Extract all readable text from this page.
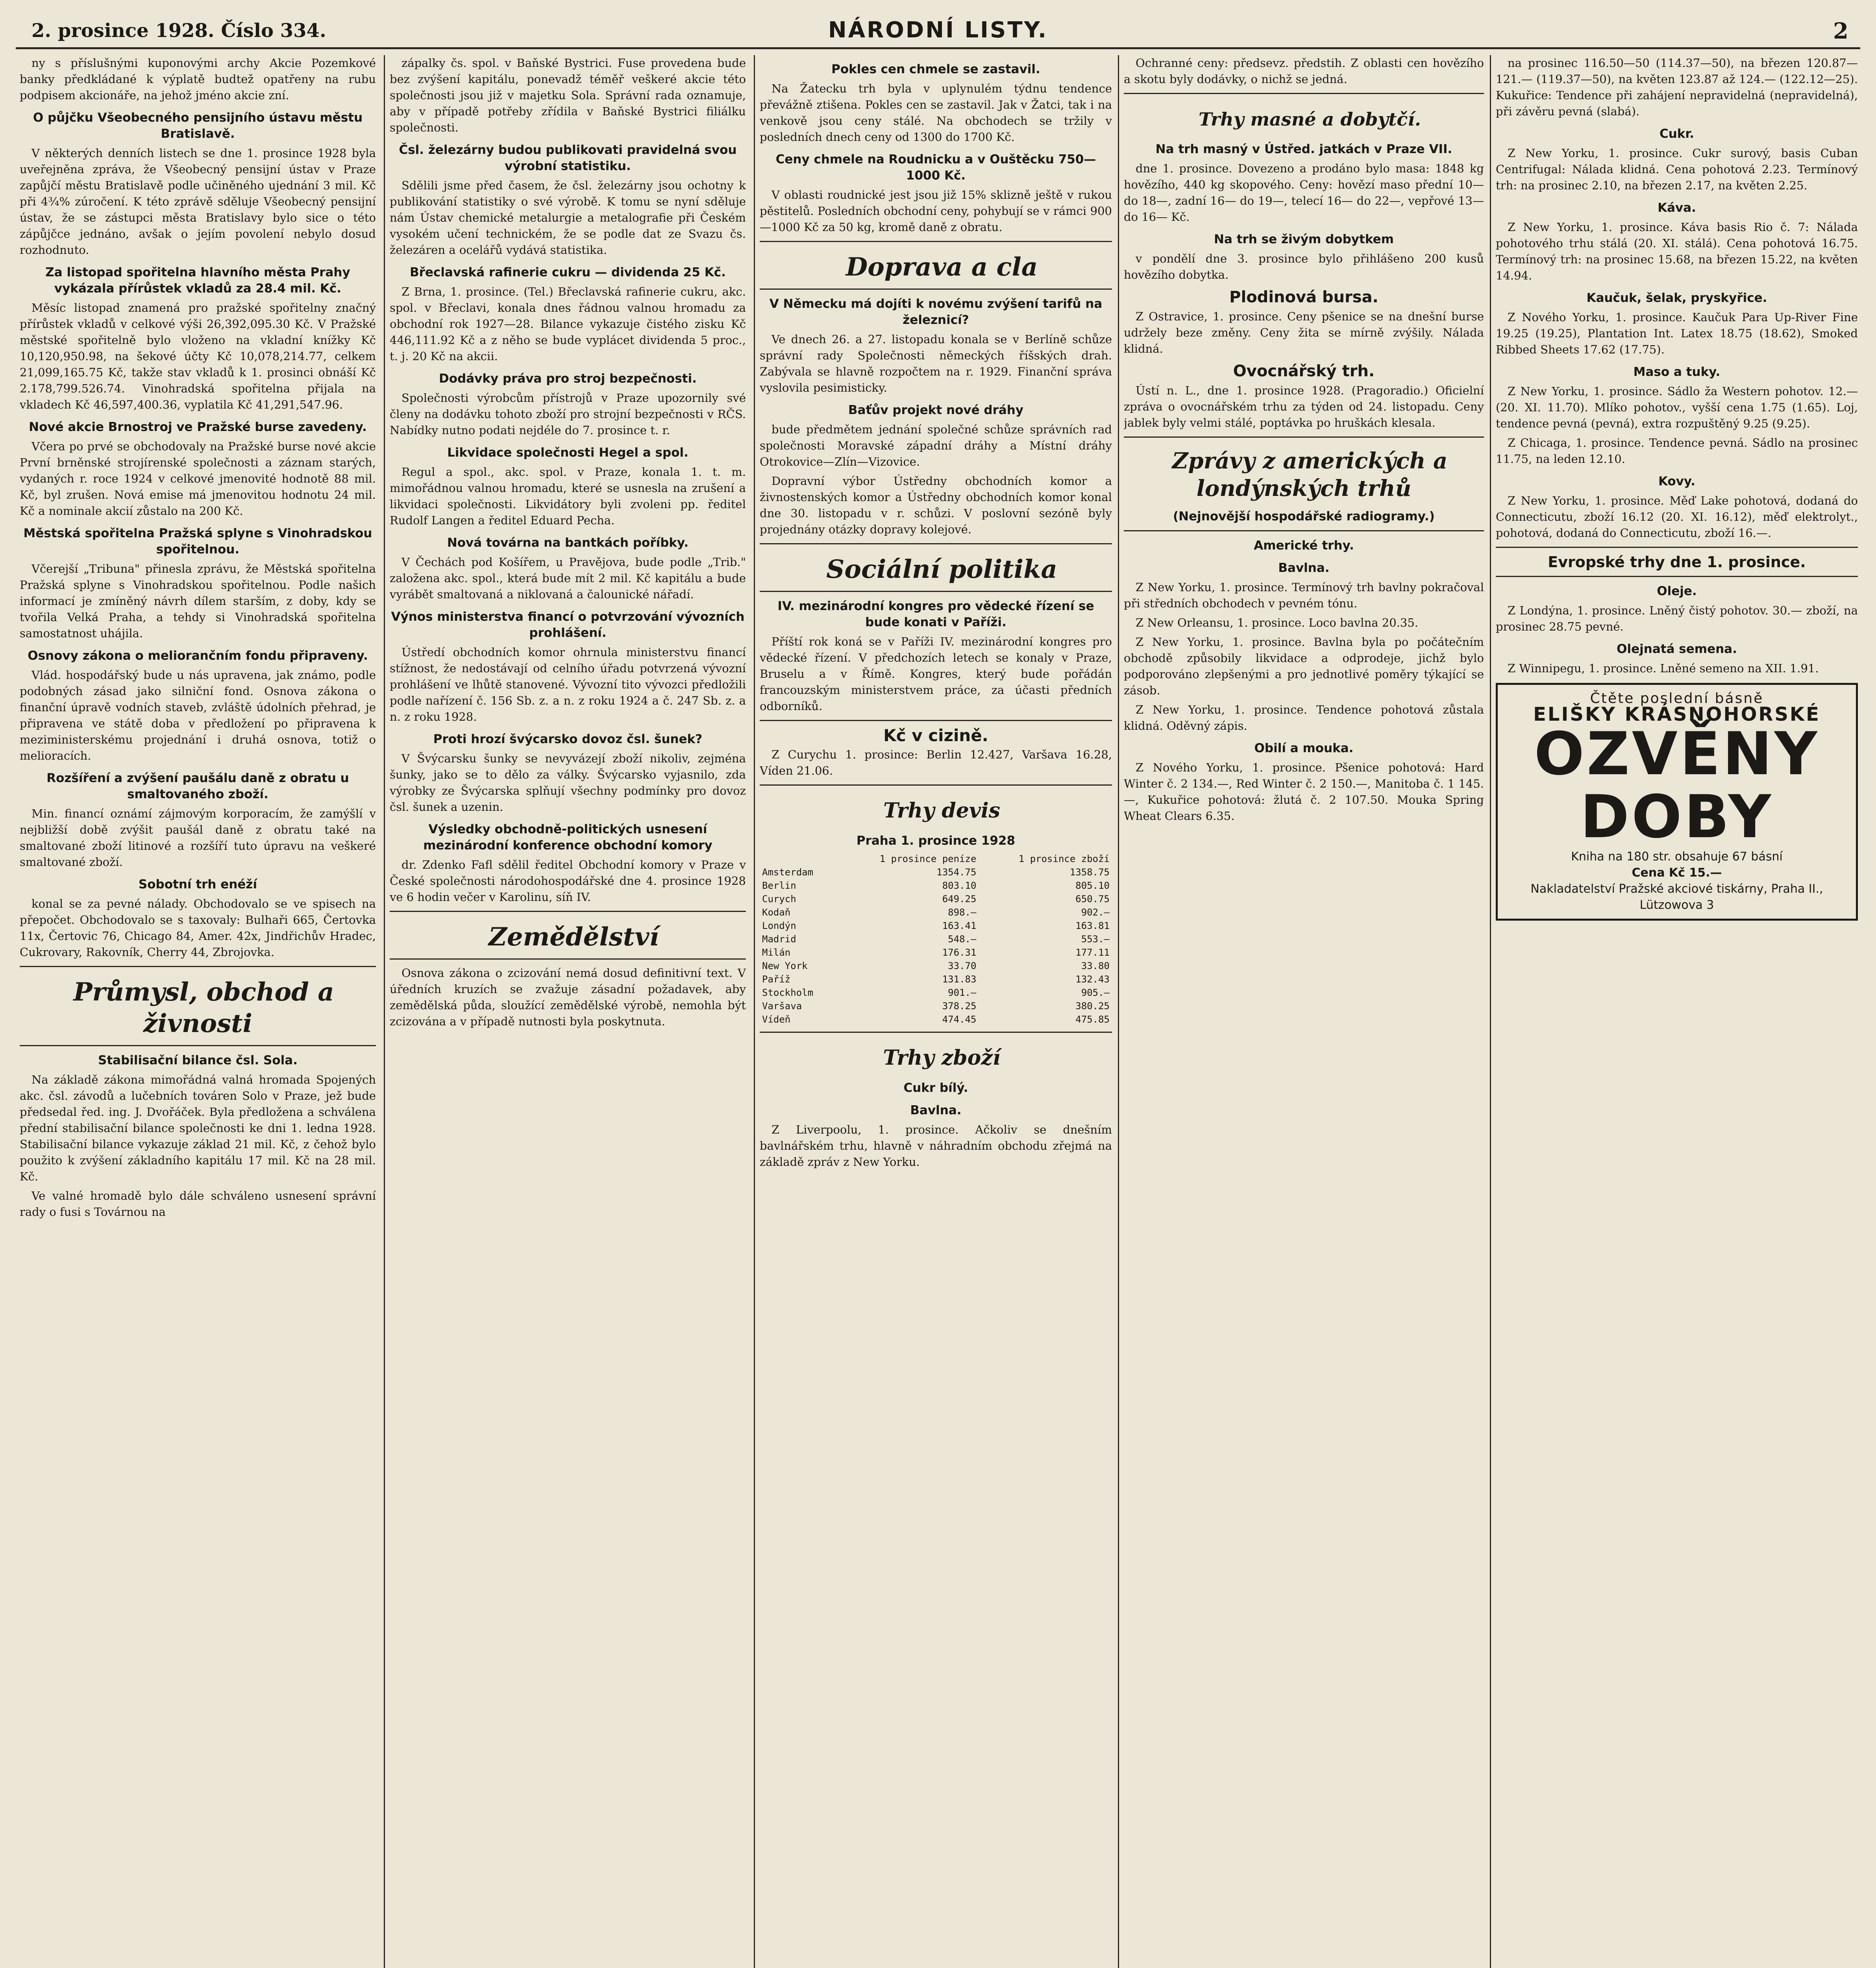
2. prosince 1928. Číslo 334.	NÁRODNÍ LISTY.	2

ny s příslušnými kuponovými archy Akcie Pozemkové banky předkládané k výplatě budtež opatřeny na rubu podpisem akcionáře, na jehož jméno akcie zní.

O půjčku Všeobecného pensijního ústavu městu Bratislavě.

V některých denních listech se dne 1. prosince 1928 byla uveřejněna zpráva, že Všeobecný pensijní ústav v Praze zapůjčí městu Bratislavě podle učiněného ujednání 3 mil. Kč při 4¾% zúročení. K této zprávě sděluje Všeobecný pensijní ústav, že se zástupci města Bratislavy bylo sice o této zápůjčce jednáno, avšak o jejím povolení nebylo dosud rozhodnuto.

Za listopad spořitelna hlavního města Prahy vykázala přírůstek vkladů za 28.4 mil. Kč.

Měsíc listopad znamená pro pražské spořitelny značný přírůstek vkladů v celkové výši 26,392,095.30 Kč. V Pražské městské spořitelně bylo vloženo na vkladní knížky Kč 10,120,950.98, na šekové účty Kč 10,078,214.77, celkem 21,099,165.75 Kč, takže stav vkladů k 1. prosinci obnáší Kč 2.178,799.526.74. Vinohradská spořitelna přijala na vkladech Kč 46,597,400.36, vyplatila Kč 41,291,547.96.

Nové akcie Brnostroj ve Pražské burse zavedeny.

Včera po prvé se obchodovaly na Pražské burse nové akcie První brněnské strojírenské společnosti a záznam starých, vydaných r. roce 1924 v celkové jmenovité hodnotě 88 mil. Kč, byl zrušen. Nová emise má jmenovitou hodnotu 24 mil. Kč a nominale akcií zůstalo na 200 Kč.

Městská spořitelna Pražská splyne s Vinohradskou spořitelnou.

Včerejší „Tribuna" přinesla zprávu, že Městská spořitelna Pražská splyne s Vinohradskou spořitelnou. Podle našich informací je zmíněný návrh dílem starším, z doby, kdy se tvořila Velká Praha, a tehdy si Vinohradská spořitelna samostatnost uhájila.

Osnovy zákona o meliorančním fondu připraveny.

Vlád. hospodářský bude u nás upravena, jak známo, podle podobných zásad jako silniční fond. Osnova zákona o finanční úpravě vodních staveb, zvláště údolních přehrad, je připravena ve státě doba v předložení po připravena k meziministerskému projednání i druhá osnova, totiž o melioracích.

Rozšíření a zvýšení paušálu daně z obratu u smaltovaného zboží.

Min. financí oznámí zájmovým korporacím, že zamýšlí v nejbližší době zvýšit paušál daně z obratu také na smaltované zboží litinové a rozšíří tuto úpravu na veškeré smaltované zboží.

Sobotní trh enéží

konal se za pevné nálady. Obchodovalo se ve spisech na přepočet. Obchodovalo se s taxovaly: Bulhaři 665, Čertovka 11x, Čertovic 76, Chicago 84, Amer. 42x, Jindřichův Hradec, Cukrovary, Rakovník, Cherry 44, Zbrojovka.

Průmysl, obchod a živnosti

Stabilisační bilance čsl. Sola.

Na základě zákona mimořádná valná hromada Spojených akc. čsl. závodů a lučebních továren Solo v Praze, jež bude předsedal řed. ing. J. Dvořáček. Byla předložena a schválena přední stabilisační bilance společnosti ke dni 1. ledna 1928. Stabilisační bilance vykazuje základ 21 mil. Kč, z čehož bylo použito k zvýšení základního kapitálu 17 mil. Kč na 28 mil. Kč.

Ve valné hromadě bylo dále schváleno usnesení správní rady o fusi s Továrnou na

zápalky čs. spol. v Baňské Bystrici. Fuse provedena bude bez zvýšení kapitálu, ponevadž téměř veškeré akcie této společnosti jsou již v majetku Sola. Správní rada oznamuje, aby v případě potřeby zřídila v Baňské Bystrici filiálku společnosti.

Čsl. železárny budou publikovati pravidelná svou výrobní statistiku.

Sdělili jsme před časem, že čsl. železárny jsou ochotny k publikování statistiky o své výrobě. K tomu se nyní sděluje nám Ústav chemické metalurgie a metalografie při Českém vysokém učení technickém, že se podle dat ze Svazu čs. železáren a ocelářů vydává statistika.

Břeclavská rafinerie cukru — dividenda 25 Kč.

Z Brna, 1. prosince. (Tel.) Břeclavská rafinerie cukru, akc. spol. v Břeclavi, konala dnes řádnou valnou hromadu za obchodní rok 1927—28. Bilance vykazuje čistého zisku Kč 446,111.92 Kč a z něho se bude vyplácet dividenda 5 proc., t. j. 20 Kč na akcii.

Dodávky práva pro stroj bezpečnosti.

Společnosti výrobcům přístrojů v Praze upozornily své členy na dodávku tohoto zboží pro strojní bezpečnosti v RČS. Nabídky nutno podati nejdéle do 7. prosince t. r.

Likvidace společnosti Hegel a spol.

Regul a spol., akc. spol. v Praze, konala 1. t. m. mimořádnou valnou hromadu, které se usnesla na zrušení a likvidaci společnosti. Likvidátory byli zvoleni pp. ředitel Rudolf Langen a ředitel Eduard Pecha.

Nová továrna na bantkách poříbky.

V Čechách pod Košířem, u Pravějova, bude podle „Trib." založena akc. spol., která bude mít 2 mil. Kč kapitálu a bude vyrábět smaltovaná a niklovaná a čalounické nářadí.

Výnos ministerstva financí o potvrzování vývozních prohlášení.

Ústředí obchodních komor ohrnula ministerstvu financí stížnost, že nedostávají od celního úřadu potvrzená vývozní prohlášení ve lhůtě stanovené. Vývozní tito vývozci předložili podle nařízení č. 156 Sb. z. a n. z roku 1924 a č. 247 Sb. z. a n. z roku 1928.

Proti hrozí švýcarsko dovoz čsl. šunek?

V Švýcarsku šunky se nevyvázejí zboží nikoliv, zejména šunky, jako se to dělo za války. Švýcarsko vyjasnilo, zda výrobky ze Švýcarska splňují všechny podmínky pro dovoz čsl. šunek a uzenin.

Výsledky obchodně-politických usnesení mezinárodní konference obchodní komory

dr. Zdenko Fafl sdělil ředitel Obchodní komory v Praze v České společnosti národohospodářské dne 4. prosince 1928 ve 6 hodin večer v Karolinu, síň IV.

Zemědělství

Osnova zákona o zcizování nemá dosud definitivní text. V úředních kruzích se zvažuje zásadní požadavek, aby zemědělská půda, sloužící zemědělské výrobě, nemohla být zcizována a v případě nutnosti byla poskytnuta.

Pokles cen chmele se zastavil.

Na Žatecku trh byla v uplynulém týdnu tendence převážně ztišena. Pokles cen se zastavil. Jak v Žatci, tak i na venkově jsou ceny stálé. Na obchodech se tržily v posledních dnech ceny od 1300 do 1700 Kč.

Ceny chmele na Roudnicku a v Ouštěcku 750—1000 Kč.

V oblasti roudnické jest jsou již 15% sklizně ještě v rukou pěstitelů. Posledních obchodní ceny, pohybují se v rámci 900—1000 Kč za 50 kg, kromě daně z obratu.

Doprava a cla

V Německu má dojíti k novému zvýšení tarifů na železnicí?

Ve dnech 26. a 27. listopadu konala se v Berlíně schůze správní rady Společnosti německých říšských drah. Zabývala se hlavně rozpočtem na r. 1929. Finanční správa vyslovila pesimisticky.

Baťův projekt nové dráhy

bude předmětem jednání společné schůze správních rad společnosti Moravské západní dráhy a Místní dráhy Otrokovice—Zlín—Vizovice.

Dopravní výbor Ústředny obchodních komor a živnostenských komor a Ústředny obchodních komor konal dne 30. listopadu v r. schůzi. V poslovní sezóně byly projednány otázky dopravy kolejové.

Sociální politika

IV. mezinárodní kongres pro vědecké řízení se bude konati v Paříži.

Příští rok koná se v Paříži IV. mezinárodní kongres pro vědecké řízení. V předchozích letech se konaly v Praze, Bruselu a v Římě. Kongres, který bude pořádán francouzským ministerstvem práce, za účasti předních odborníků.

Kč v cizině.

Z Curychu 1. prosince: Berlin 12.427, Varšava 16.28, Víden 21.06.

Trhy devis

Praha 1. prosince 1928

	1 prosince peníze	1 prosince zboží
Amsterdam	1354.75	1358.75
Berlin	803.10	805.10
Curych	649.25	650.75
Kodaň	898.—	902.—
Londýn	163.41	163.81
Madrid	548.—	553.—
Milán	176.31	177.11
New York	33.70	33.80
Paříž	131.83	132.43
Stockholm	901.—	905.—
Varšava	378.25	380.25
Vídeň	474.45	475.85

Trhy zboží

Cukr bílý.

Bavlna.

Z Liverpoolu, 1. prosince. Ačkoliv se dnešním bavlnářském trhu, hlavně v náhradním obchodu zřejmá na základě zpráv z New Yorku.

Ochranné ceny: předsevz. předstih. Z oblasti cen hovězího a skotu byly dodávky, o nichž se jedná.

Trhy masné a dobytčí.

Na trh masný v Ústřed. jatkách v Praze VII.

dne 1. prosince. Dovezeno a prodáno bylo masa: 1848 kg hovězího, 440 kg skopového. Ceny: hovězí maso přední 10— do 18—, zadní 16— do 19—, telecí 16— do 22—, vepřové 13— do 16— Kč.

Na trh se živým dobytkem

v pondělí dne 3. prosince bylo přihlášeno 200 kusů hovězího dobytka.

Plodinová bursa.

Z Ostravice, 1. prosince. Ceny pšenice se na dnešní burse udržely beze změny. Ceny žita se mírně zvýšily. Nálada klidná.

Ovocnářský trh.

Ústí n. L., dne 1. prosince 1928. (Pragoradio.) Oficielní zpráva o ovocnářském trhu za týden od 24. listopadu. Ceny jablek byly velmi stálé, poptávka po hruškách klesala.

Zprávy z amerických a londýnských trhů

(Nejnovější hospodářské radiogramy.)

Americké trhy.

Bavlna.

Z New Yorku, 1. prosince. Termínový trh bavlny pokračoval při středních obchodech v pevném tónu.

Z New Orleansu, 1. prosince. Loco bavlna 20.35.

Z New Yorku, 1. prosince. Bavlna byla po počátečním obchodě způsobily likvidace a odprodeje, jichž bylo podporováno zlepšenými a pro jednotlivé poměry týkající se zásob.

Z New Yorku, 1. prosince. Tendence pohotová zůstala klidná. Oděvný zápis.

Obilí a mouka.

Z Nového Yorku, 1. prosince. Pšenice pohotová: Hard Winter č. 2 134.—, Red Winter č. 2 150.—, Manitoba č. 1 145.—, Kukuřice pohotová: žlutá č. 2 107.50. Mouka Spring Wheat Clears 6.35.

na prosinec 116.50—50 (114.37—50), na březen 120.87—121.— (119.37—50), na květen 123.87 až 124.— (122.12—25). Kukuřice: Tendence při zahájení nepravidelná (nepravidelná), při závěru pevná (slabá).

Cukr.

Z New Yorku, 1. prosince. Cukr surový, basis Cuban Centrifugal: Nálada klidná. Cena pohotová 2.23. Termínový trh: na prosinec 2.10, na březen 2.17, na květen 2.25.

Káva.

Z New Yorku, 1. prosince. Káva basis Rio č. 7: Nálada pohotového trhu stálá (20. XI. stálá). Cena pohotová 16.75. Termínový trh: na prosinec 15.68, na březen 15.22, na květen 14.94.

Kaučuk, šelak, pryskyřice.

Z Nového Yorku, 1. prosince. Kaučuk Para Up-River Fine 19.25 (19.25), Plantation Int. Latex 18.75 (18.62), Smoked Ribbed Sheets 17.62 (17.75).

Maso a tuky.

Z New Yorku, 1. prosince. Sádlo ža Western pohotov. 12.— (20. XI. 11.70). Mlíko pohotov., vyšší cena 1.75 (1.65). Loj, tendence pevná (pevná), extra rozpuštěný 9.25 (9.25).

Z Chicaga, 1. prosince. Tendence pevná. Sádlo na prosinec 11.75, na leden 12.10.

Kovy.

Z New Yorku, 1. prosince. Měď Lake pohotová, dodaná do Connecticutu, zboží 16.12 (20. XI. 16.12), měď elektrolyt., pohotová, dodaná do Connecticutu, zboží 16.—.

Evropské trhy dne 1. prosince.

Oleje.

Z Londýna, 1. prosince. Lněný čistý pohotov. 30.— zboží, na prosinec 28.75 pevné.

Olejnatá semena.

Z Winnipegu, 1. prosince. Lněné semeno na XII. 1.91.

Čtěte poslední básně
ELIŠKY KRÁSNOHORSKÉ
OZVĚNY
DOBY
Kniha na 180 str. obsahuje 67 básní
Cena Kč 15.—
Nakladatelství Pražské akciové tiskárny, Praha II., Lützowova 3
